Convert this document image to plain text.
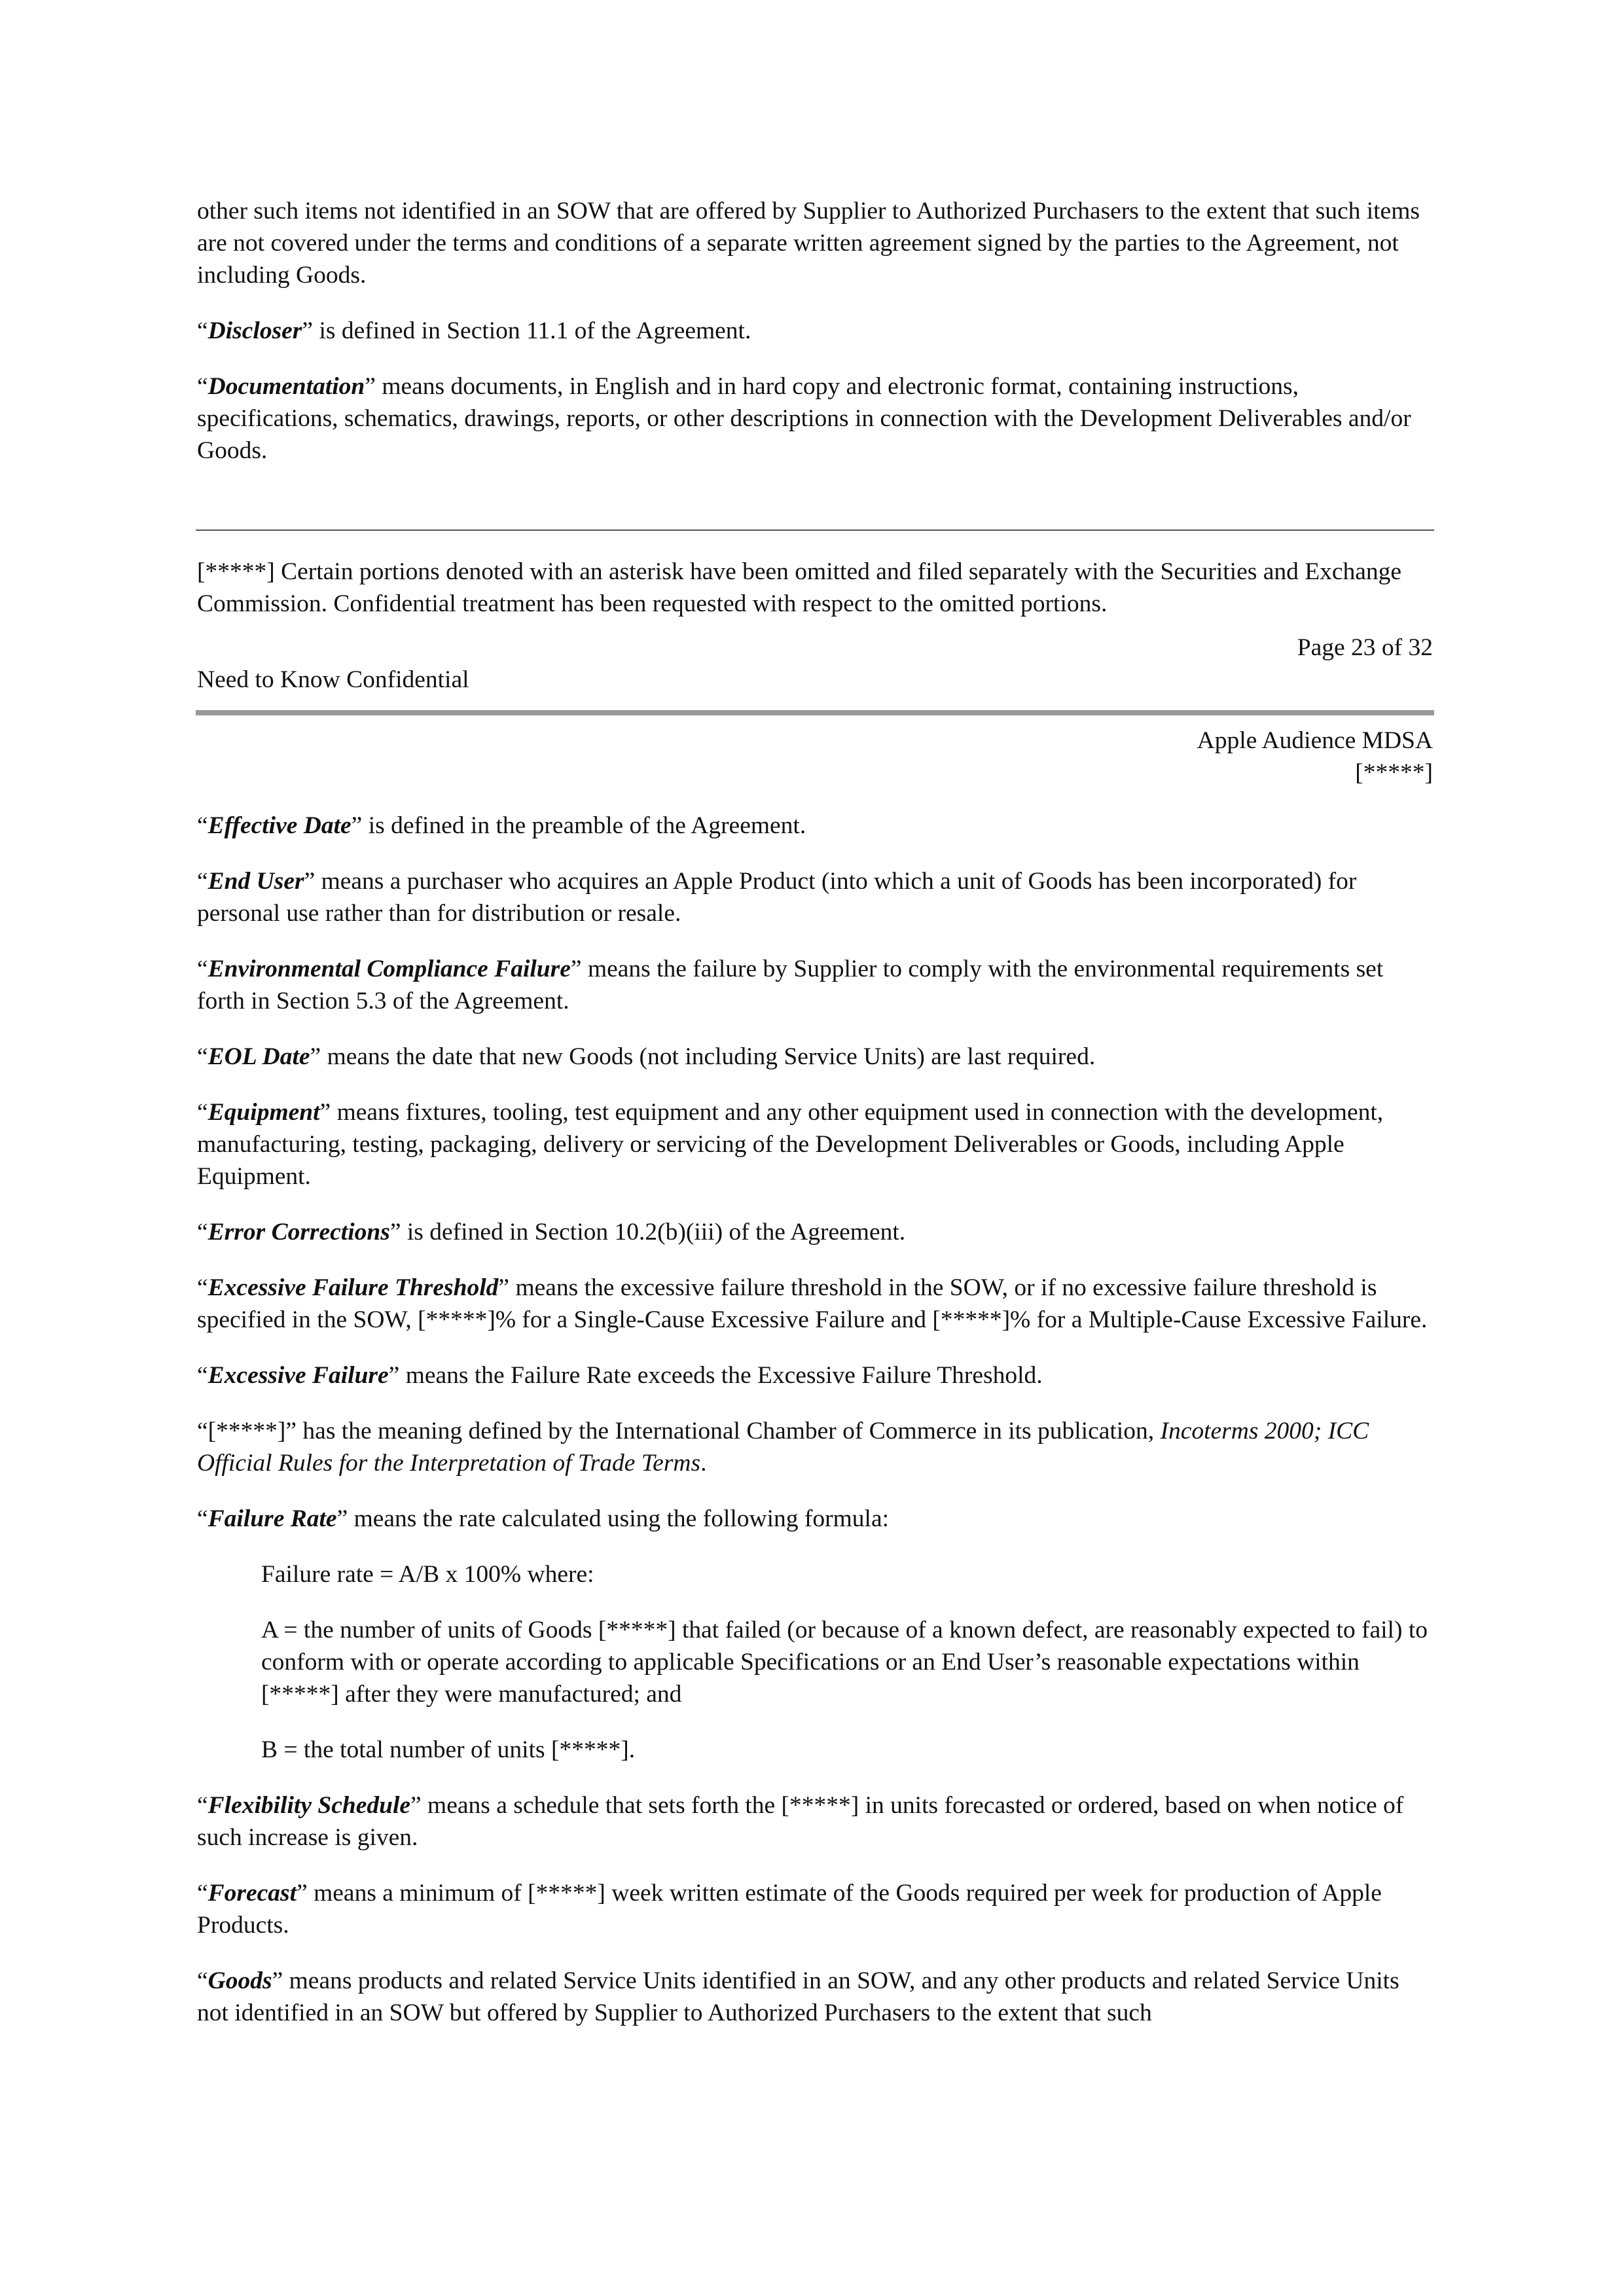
other such items not identified in an SOW that are offered by Supplier to Authorized Purchasers to the extent that such items are not covered under the terms and conditions of a separate written agreement signed by the parties to the Agreement, not including Goods.

“Discloser” is defined in Section 11.1 of the Agreement.

“Documentation” means documents, in English and in hard copy and electronic format, containing instructions, specifications, schematics, drawings, reports, or other descriptions in connection with the Development Deliverables and/or Goods.

[*****] Certain portions denoted with an asterisk have been omitted and filed separately with the Securities and Exchange Commission. Confidential treatment has been requested with respect to the omitted portions.

Page 23 of 32
Need to Know Confidential
Apple Audience MDSA
[*****]

“Effective Date” is defined in the preamble of the Agreement.

“End User” means a purchaser who acquires an Apple Product (into which a unit of Goods has been incorporated) for personal use rather than for distribution or resale.

“Environmental Compliance Failure” means the failure by Supplier to comply with the environmental requirements set forth in Section 5.3 of the Agreement.

“EOL Date” means the date that new Goods (not including Service Units) are last required.

“Equipment” means fixtures, tooling, test equipment and any other equipment used in connection with the development, manufacturing, testing, packaging, delivery or servicing of the Development Deliverables or Goods, including Apple Equipment.

“Error Corrections” is defined in Section 10.2(b)(iii) of the Agreement.

“Excessive Failure Threshold” means the excessive failure threshold in the SOW, or if no excessive failure threshold is specified in the SOW, [*****]% for a Single-Cause Excessive Failure and [*****]% for a Multiple-Cause Excessive Failure.

“Excessive Failure” means the Failure Rate exceeds the Excessive Failure Threshold.

“[*****]” has the meaning defined by the International Chamber of Commerce in its publication, Incoterms 2000; ICC Official Rules for the Interpretation of Trade Terms.

“Failure Rate” means the rate calculated using the following formula:

Failure rate = A/B x 100% where:

A = the number of units of Goods [*****] that failed (or because of a known defect, are reasonably expected to fail) to conform with or operate according to applicable Specifications or an End User’s reasonable expectations within [*****] after they were manufactured; and

B = the total number of units [*****].

“Flexibility Schedule” means a schedule that sets forth the [*****] in units forecasted or ordered, based on when notice of such increase is given.

“Forecast” means a minimum of [*****] week written estimate of the Goods required per week for production of Apple Products.

“Goods” means products and related Service Units identified in an SOW, and any other products and related Service Units not identified in an SOW but offered by Supplier to Authorized Purchasers to the extent that such
